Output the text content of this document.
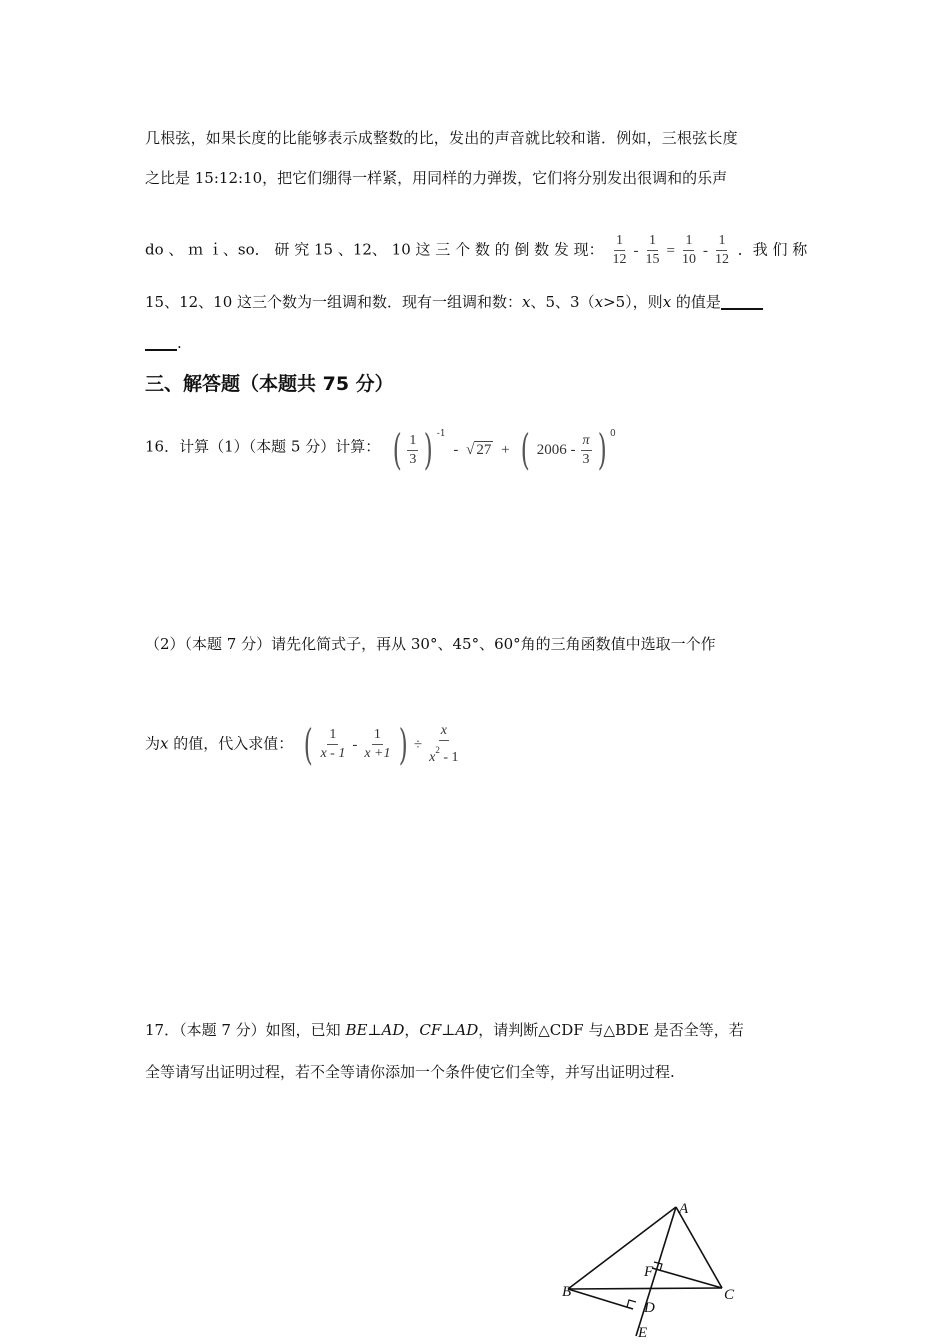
几根弦，如果长度的比能够表示成整数的比，发出的声音就比较和谐．例如，三根弦长度
之比是 15:12:10，把它们绷得一样紧，用同样的力弹拨，它们将分别发出很调和的乐声
do 、 ｍ ｉ、so． 研 究 15 、12、 10 这 三 个 数 的 倒 数 发 现： $\frac{1}{12} - \frac{1}{15} = \frac{1}{10} - \frac{1}{12}$ ．我 们 称
15、12、10 这三个数为一组调和数．现有一组调和数：x、5、3（x>5），则x 的值是
.
三、解答题（本题共 75 分）
16．计算（1）（本题 5 分）计算： ( $\frac{1}{3}$ ) $^{-1}$ - √ 27 + ( $2006 - \frac{\pi}{3}$ ) $^0$
（2）（本题 7 分）请先化简式子，再从 30°、45°、60°角的三角函数值中选取一个作
为x 的值，代入求值： ( $\frac{1}{x - 1} - \frac{1}{x +1}$ ) ÷ $\frac{x}{x^2 - 1}$
17．（本题 7 分）如图，已知 BE⊥AD，CF⊥AD，请判断△CDF 与△BDE 是否全等，若
全等请写出证明过程，若不全等请你添加一个条件使它们全等，并写出证明过程.
A
B	C
D
E
F
